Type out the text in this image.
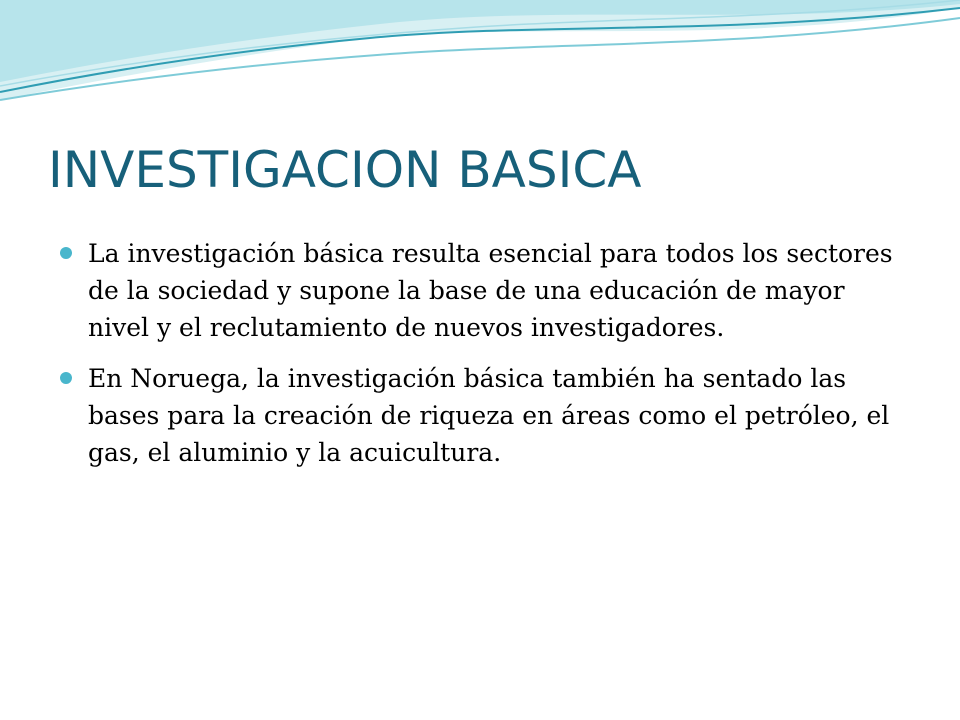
INVESTIGACION BASICA
La investigación básica resulta esencial para todos los sectores de la sociedad y supone la base de una educación de mayor nivel y el reclutamiento de nuevos investigadores.
En Noruega, la investigación básica también ha sentado las bases para la creación de riqueza en áreas como el petróleo, el gas, el aluminio y la acuicultura.
